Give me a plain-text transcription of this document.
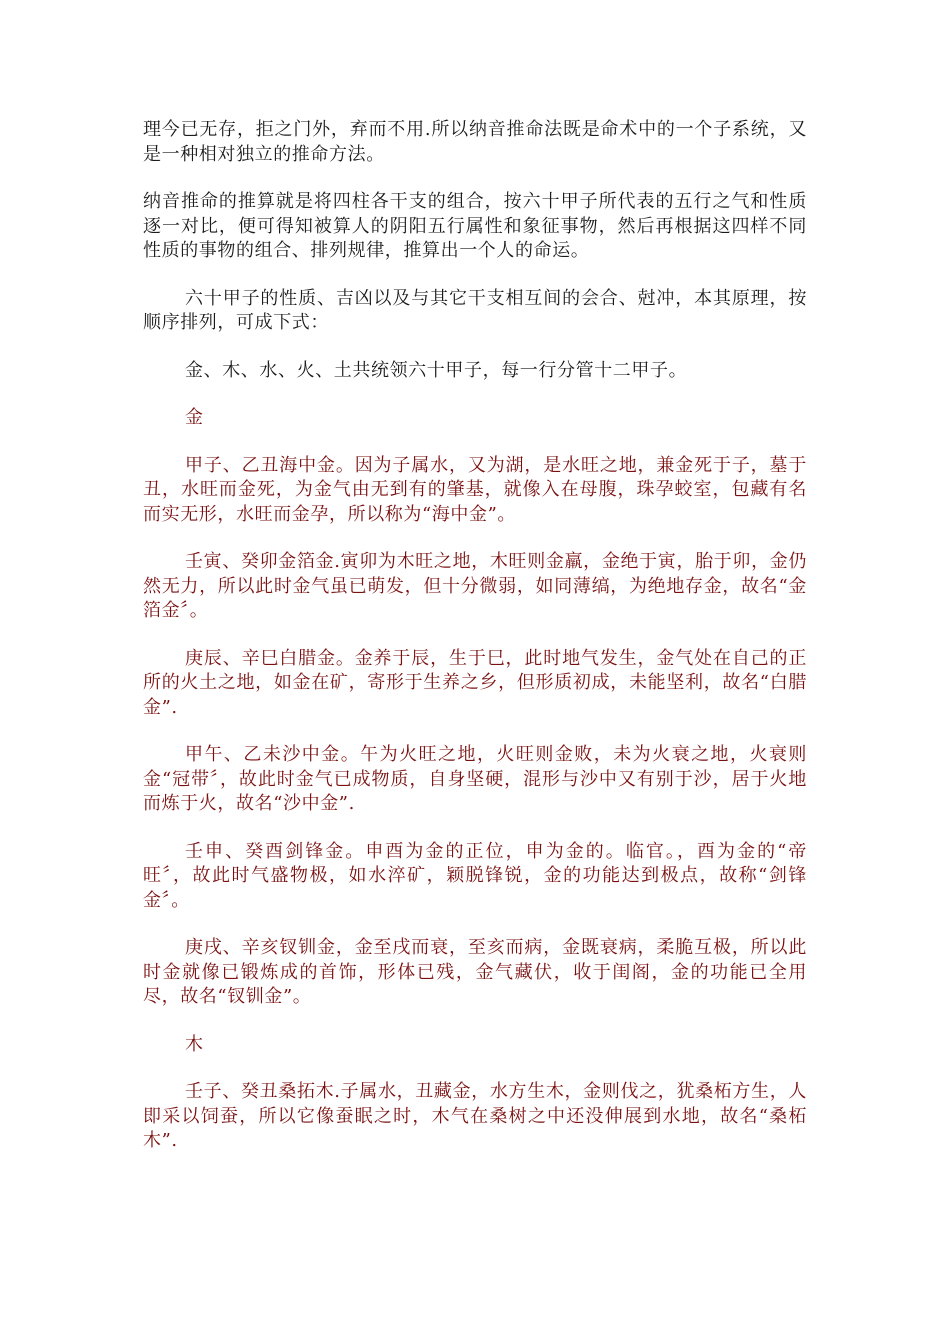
理今已无存，拒之门外，弃而不用.所以纳音推命法既是命术中的一个子系统，又是一种相对独立的推命方法。

纳音推命的推算就是将四柱各干支的组合，按六十甲子所代表的五行之气和性质逐一对比，便可得知被算人的阴阳五行属性和象征事物，然后再根据这四样不同性质的事物的组合、排列规律，推算出一个人的命运。

六十甲子的性质、吉凶以及与其它干支相互间的会合、尅冲，本其原理，按顺序排列，可成下式：

金、木、水、火、土共统领六十甲子，每一行分管十二甲子。

金

甲子、乙丑海中金。因为子属水，又为湖，是水旺之地，兼金死于子，墓于丑，水旺而金死，为金气由无到有的肇基，就像入在母腹，珠孕蛟室，包藏有名而实无形，水旺而金孕，所以称为“海中金”。

壬寅、癸卯金箔金.寅卯为木旺之地，木旺则金羸，金绝于寅，胎于卯，金仍然无力，所以此时金气虽已萌发，但十分微弱，如同薄缟，为绝地存金，故名“金箔金〞。

庚辰、辛巳白腊金。金养于辰，生于巳，此时地气发生，金气处在自己的正所的火土之地，如金在矿，寄形于生养之乡，但形质初成，未能坚利，故名“白腊金”.

甲午、乙未沙中金。午为火旺之地，火旺则金败，未为火衰之地，火衰则金“冠带〞，故此时金气已成物质，自身坚硬，混形与沙中又有别于沙，居于火地而炼于火，故名“沙中金”.

壬申、癸酉剑锋金。申酉为金的正位，申为金的。临官。，酉为金的“帝旺〞，故此时气盛物极，如水淬矿，颖脱锋锐，金的功能达到极点，故称“剑锋金〞。

庚戌、辛亥钗钏金，金至戌而衰，至亥而病，金既衰病，柔脆互极，所以此时金就像已锻炼成的首饰，形体已残，金气藏伏，收于闺阁，金的功能已全用尽，故名“钗钏金”。

木

壬子、癸丑桑拓木.子属水，丑藏金，水方生木，金则伐之，犹桑柘方生，人即采以饲蚕，所以它像蚕眠之时，木气在桑树之中还没伸展到水地，故名“桑柘木”.
